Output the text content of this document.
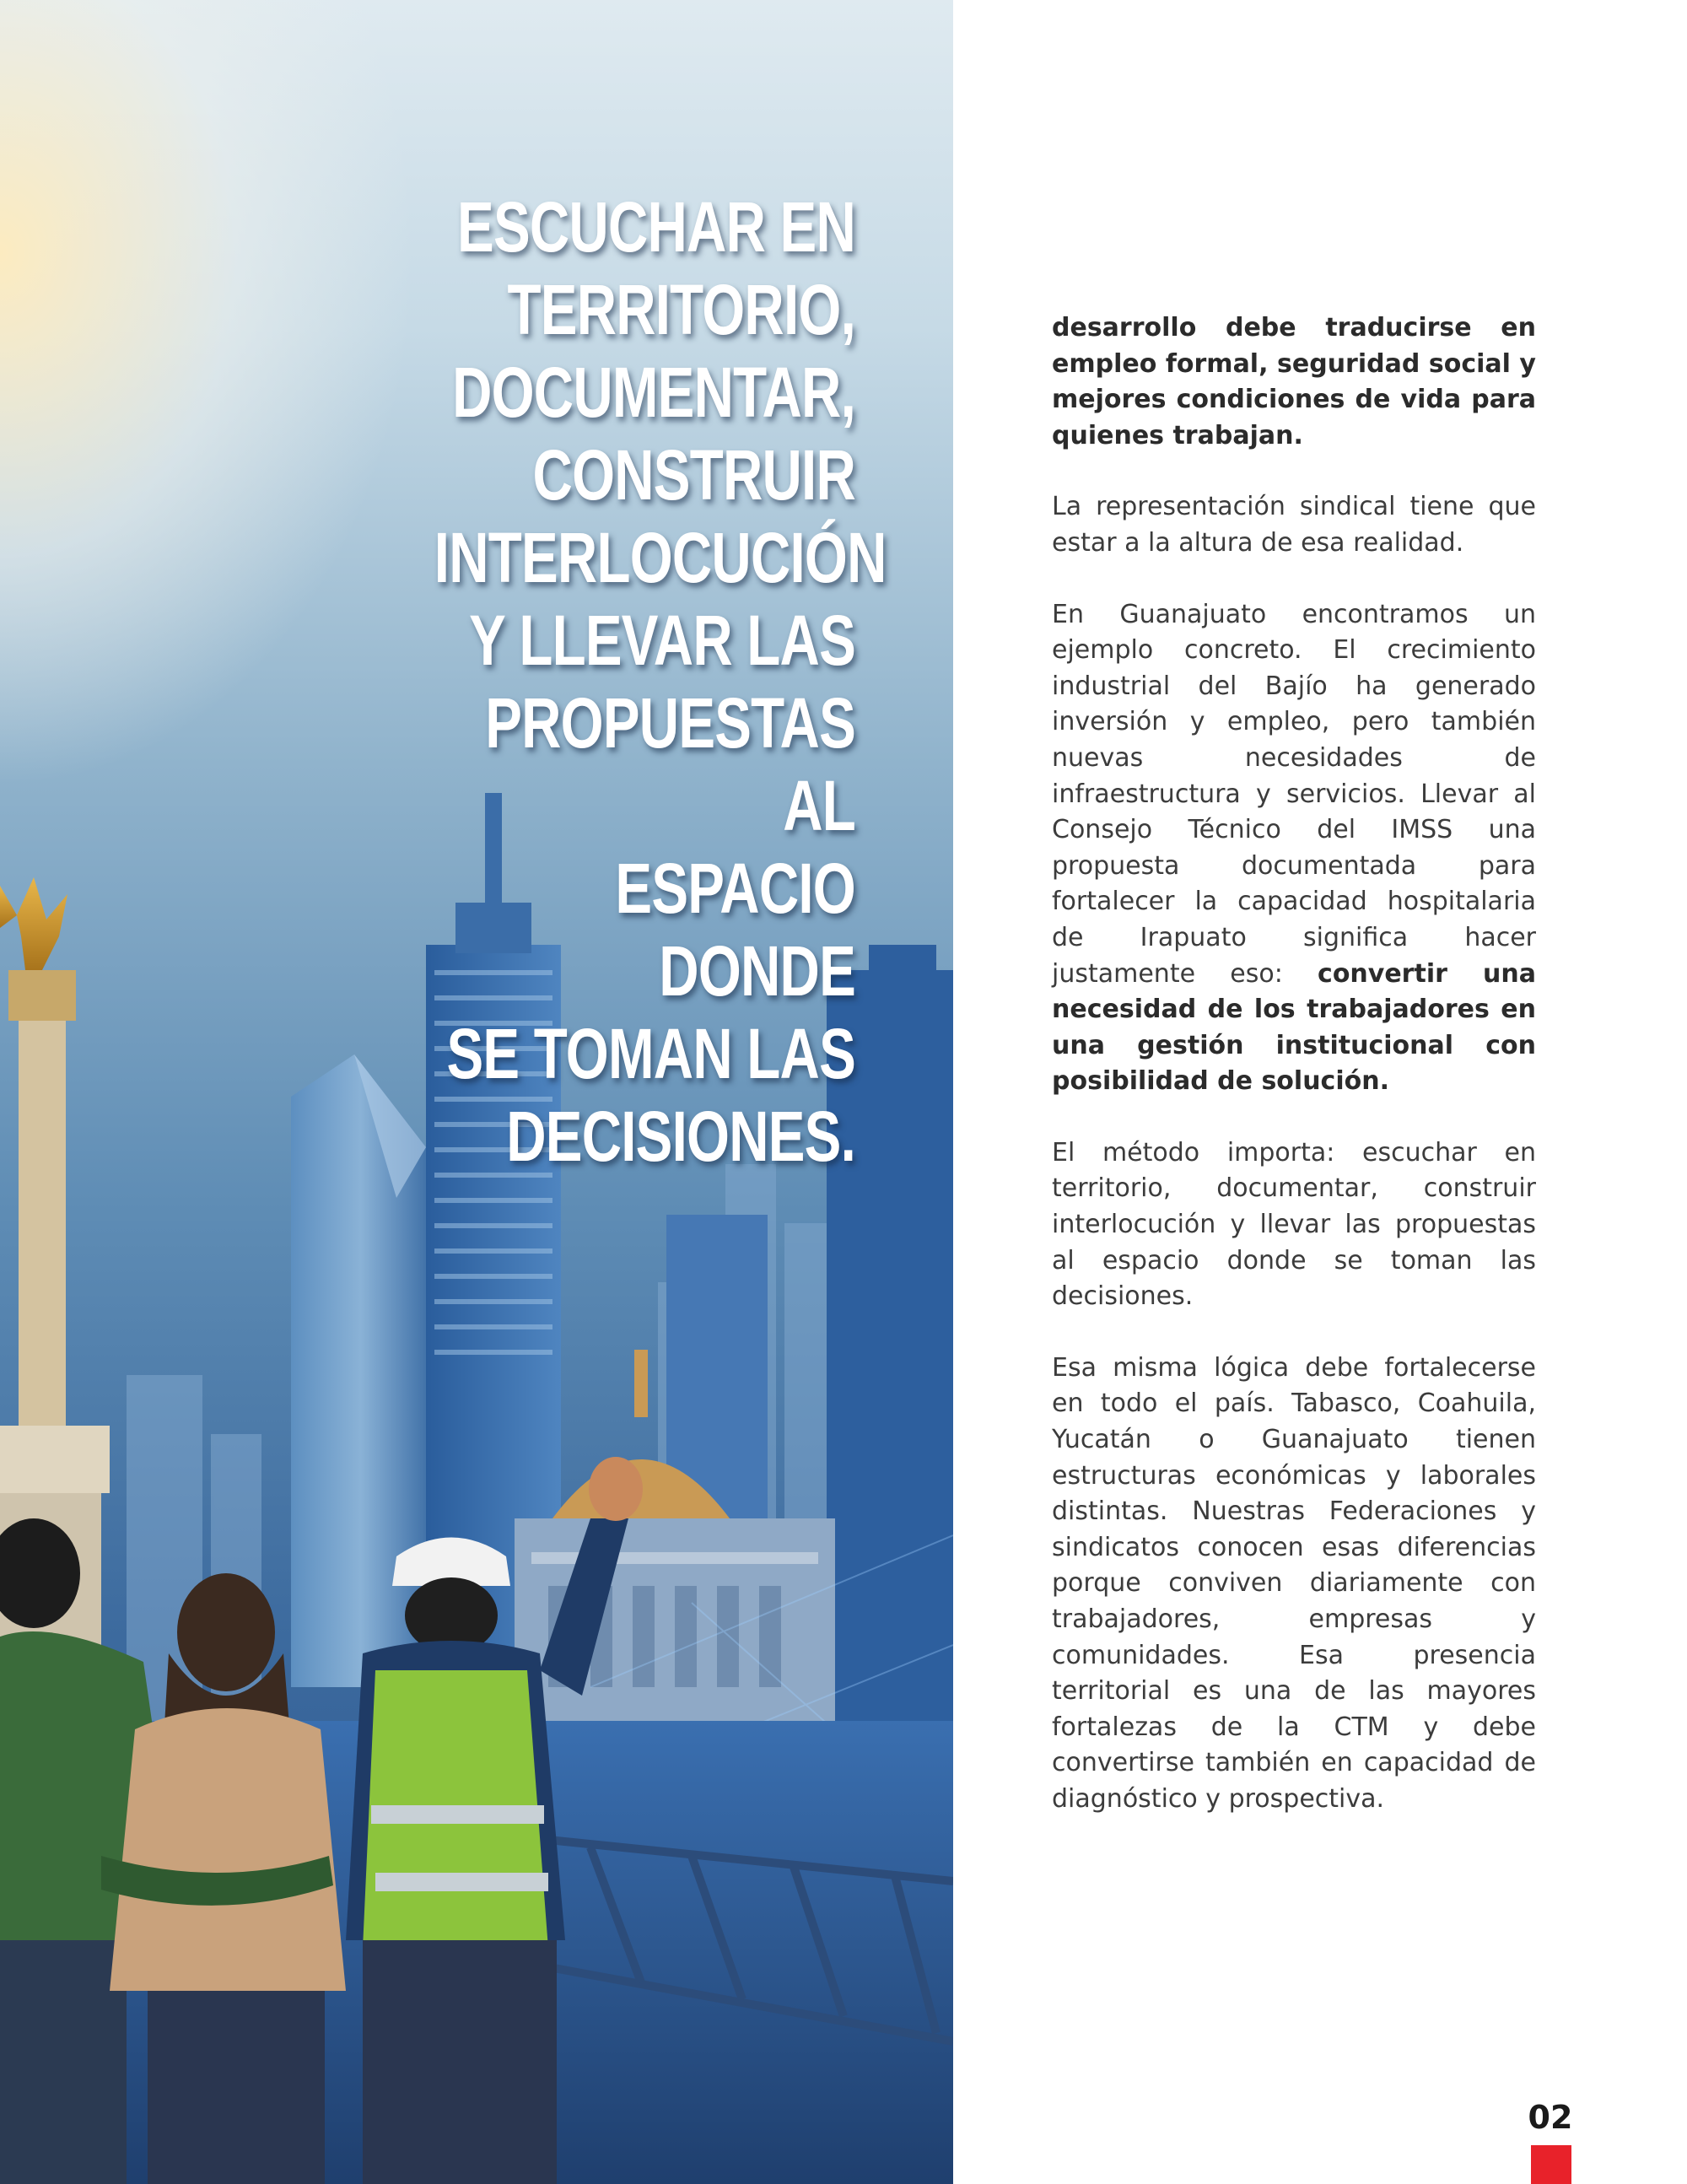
ESCUCHAR EN
TERRITORIO,
DOCUMENTAR,
CONSTRUIR
INTERLOCUCIÓN
Y LLEVAR LAS
PROPUESTAS AL
ESPACIO DONDE
SE TOMAN LAS
DECISIONES.

desarrollo debe traducirse en empleo formal, seguridad social y mejores condiciones de vida para quienes trabajan.

La representación sindical tiene que estar a la altura de esa realidad.

En Guanajuato encontramos un ejemplo concreto. El crecimiento industrial del Bajío ha generado inversión y empleo, pero también nuevas necesidades de infraestructura y servicios. Llevar al Consejo Técnico del IMSS una propuesta documentada para fortalecer la capacidad hospitalaria de Irapuato significa hacer justamente eso: convertir una necesidad de los trabajadores en una gestión institucional con posibilidad de solución.

El método importa: escuchar en territorio, documentar, construir interlocución y llevar las propuestas al espacio donde se toman las decisiones.

Esa misma lógica debe fortalecerse en todo el país. Tabasco, Coahuila, Yucatán o Guanajuato tienen estructuras económicas y laborales distintas. Nuestras Federaciones y sindicatos conocen esas diferencias porque conviven diariamente con trabajadores, empresas y comunidades. Esa presencia territorial es una de las mayores fortalezas de la CTM y debe convertirse también en capacidad de diagnóstico y prospectiva.

02
